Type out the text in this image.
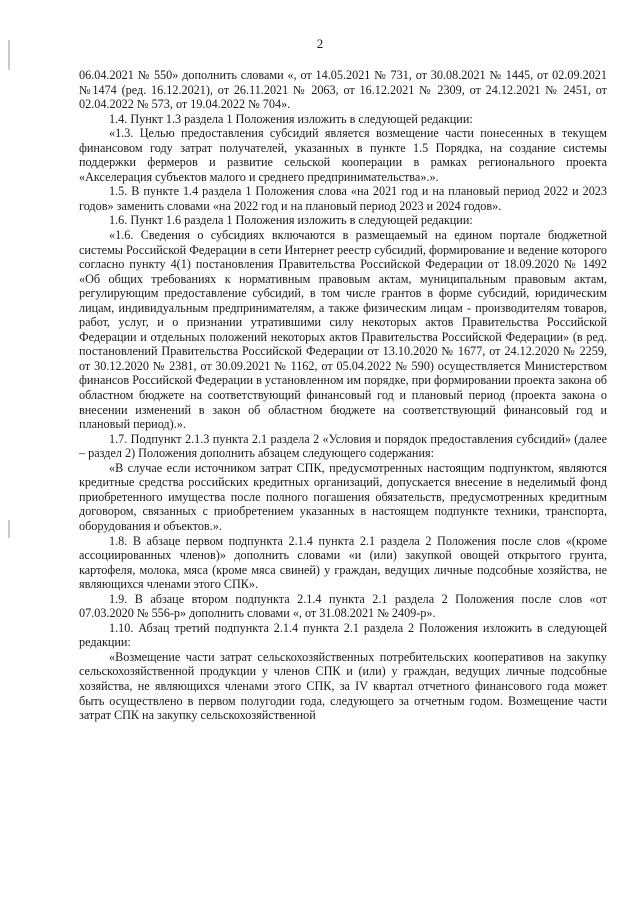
2

06.04.2021 № 550» дополнить словами «, от 14.05.2021 № 731, от 30.08.2021 № 1445, от 02.09.2021 №1474 (ред. 16.12.2021), от 26.11.2021 № 2063, от 16.12.2021 № 2309, от 24.12.2021 № 2451, от 02.04.2022 № 573, от 19.04.2022 № 704».

1.4. Пункт 1.3 раздела 1 Положения изложить в следующей редакции:

«1.3. Целью предоставления субсидий является возмещение части понесенных в текущем финансовом году затрат получателей, указанных в пункте 1.5 Порядка, на создание системы поддержки фермеров и развитие сельской кооперации в рамках регионального проекта «Акселерация субъектов малого и среднего предпринимательства».».

1.5. В пункте 1.4 раздела 1 Положения слова «на 2021 год и на плановый период 2022 и 2023 годов» заменить словами «на 2022 год и на плановый период 2023 и 2024 годов».

1.6. Пункт 1.6 раздела 1 Положения изложить в следующей редакции:

«1.6. Сведения о субсидиях включаются в размещаемый на едином портале бюджетной системы Российской Федерации в сети Интернет реестр субсидий, формирование и ведение которого согласно пункту 4(1) постановления Правительства Российской Федерации от 18.09.2020 № 1492 «Об общих требованиях к нормативным правовым актам, муниципальным правовым актам, регулирующим предоставление субсидий, в том числе грантов в форме субсидий, юридическим лицам, индивидуальным предпринимателям, а также физическим лицам - производителям товаров, работ, услуг, и о признании утратившими силу некоторых актов Правительства Российской Федерации и отдельных положений некоторых актов Правительства Российской Федерации» (в ред. постановлений Правительства Российской Федерации от 13.10.2020 № 1677, от 24.12.2020 № 2259, от 30.12.2020 № 2381, от 30.09.2021 № 1162, от 05.04.2022 № 590) осуществляется Министерством финансов Российской Федерации в установленном им порядке, при формировании проекта закона об областном бюджете на соответствующий финансовый год и плановый период (проекта закона о внесении изменений в закон об областном бюджете на соответствующий финансовый год и плановый период).».

1.7. Подпункт 2.1.3 пункта 2.1 раздела 2 «Условия и порядок предоставления субсидий» (далее – раздел 2) Положения дополнить абзацем следующего содержания:

«В случае если источником затрат СПК, предусмотренных настоящим подпунктом, являются кредитные средства российских кредитных организаций, допускается внесение в неделимый фонд приобретенного имущества после полного погашения обязательств, предусмотренных кредитным договором, связанных с приобретением указанных в настоящем подпункте техники, транспорта, оборудования и объектов.».

1.8. В абзаце первом подпункта 2.1.4 пункта 2.1 раздела 2 Положения после слов «(кроме ассоциированных членов)» дополнить словами «и (или) закупкой овощей открытого грунта, картофеля, молока, мяса (кроме мяса свиней) у граждан, ведущих личные подсобные хозяйства, не являющихся членами этого СПК».

1.9. В абзаце втором подпункта 2.1.4 пункта 2.1 раздела 2 Положения после слов «от 07.03.2020 № 556-р» дополнить словами «, от 31.08.2021 № 2409-р».

1.10. Абзац третий подпункта 2.1.4 пункта 2.1 раздела 2 Положения изложить в следующей редакции:

«Возмещение части затрат сельскохозяйственных потребительских кооперативов на закупку сельскохозяйственной продукции у членов СПК и (или) у граждан, ведущих личные подсобные хозяйства, не являющихся членами этого СПК, за IV квартал отчетного финансового года может быть осуществлено в первом полугодии года, следующего за отчетным годом. Возмещение части затрат СПК на закупку сельскохозяйственной
